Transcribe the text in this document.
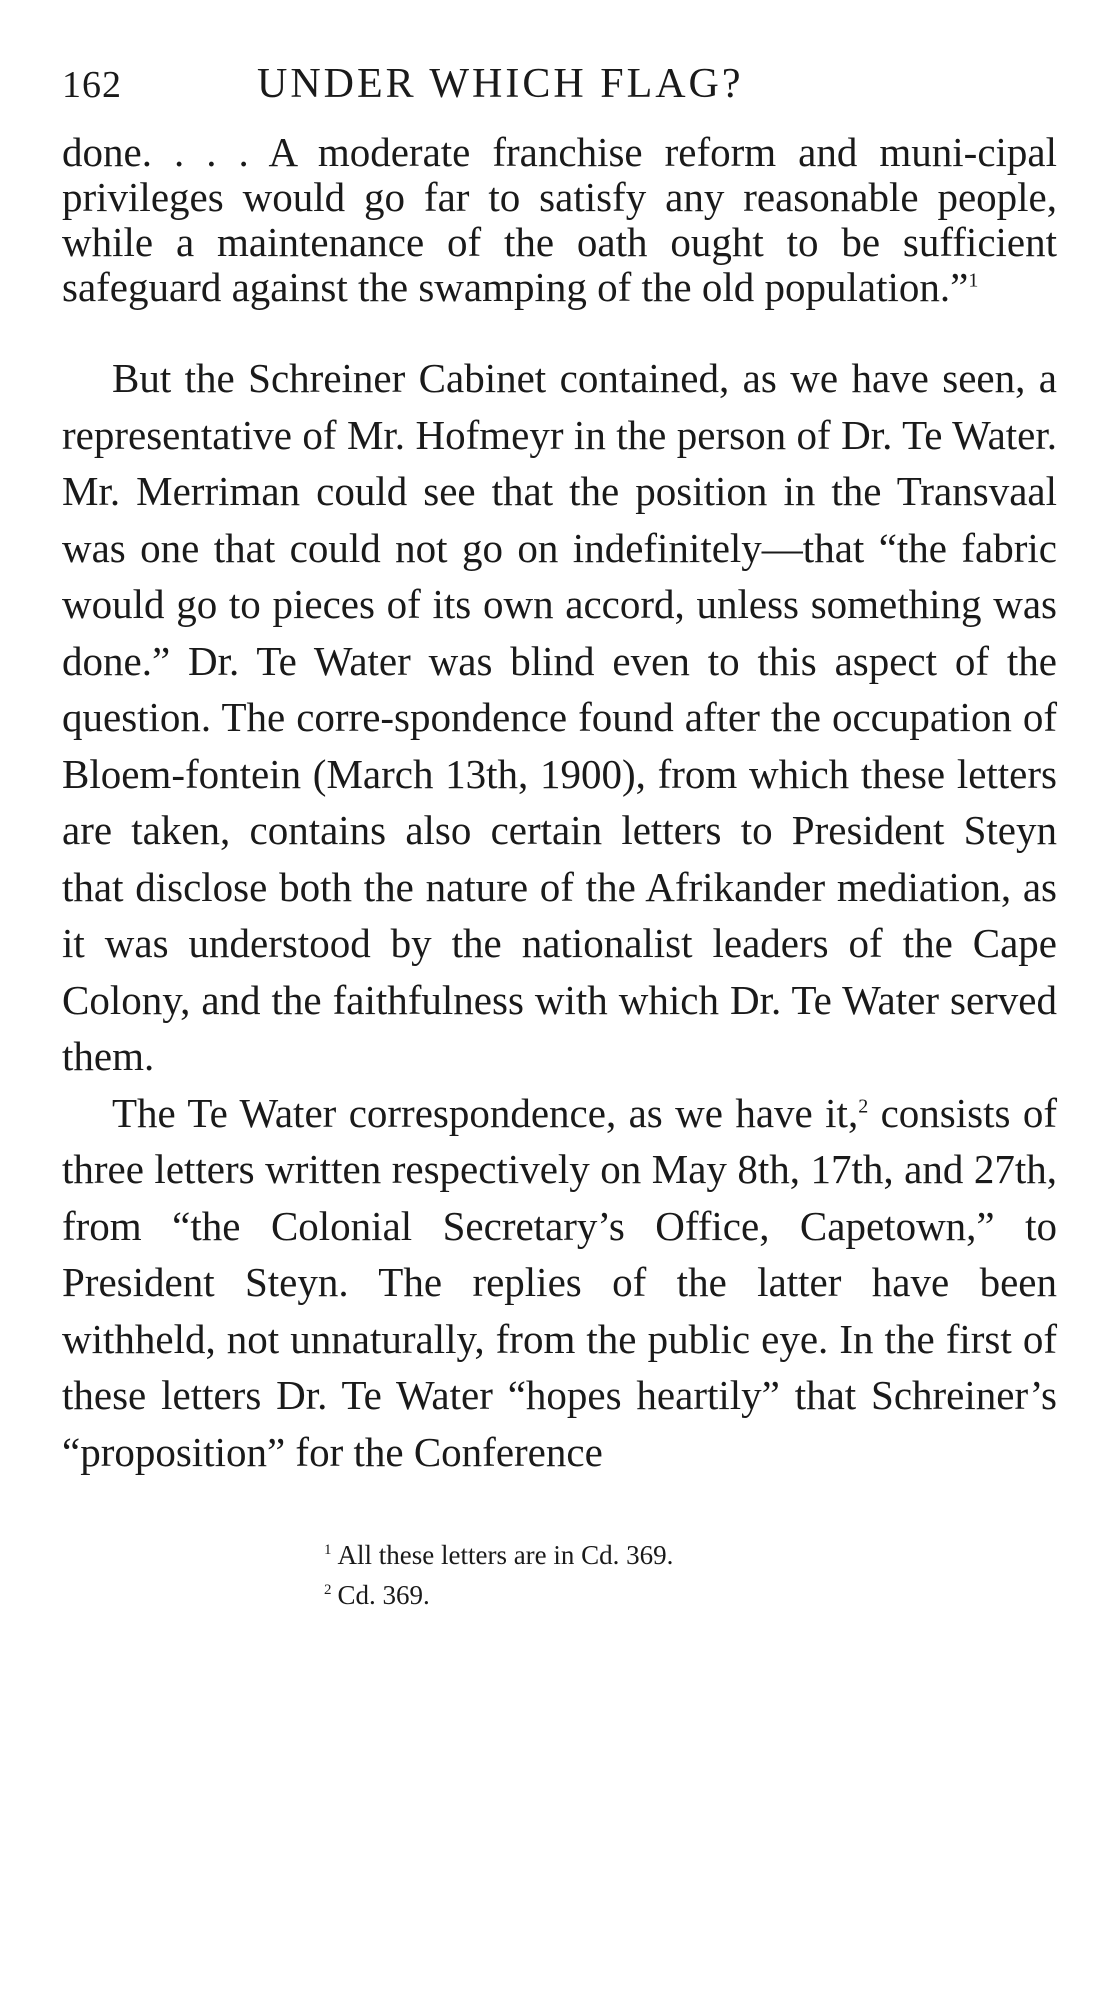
162	UNDER WHICH FLAG?

done. . . . A moderate franchise reform and muni-cipal privileges would go far to satisfy any reasonable people, while a maintenance of the oath ought to be sufficient safeguard against the swamping of the old population.”$^1$

But the Schreiner Cabinet contained, as we have seen, a representative of Mr. Hofmeyr in the person of Dr. Te Water. Mr. Merriman could see that the position in the Transvaal was one that could not go on indefinitely—that “the fabric would go to pieces of its own accord, unless something was done.” Dr. Te Water was blind even to this aspect of the question. The corre-spondence found after the occupation of Bloem-fontein (March 13th, 1900), from which these letters are taken, contains also certain letters to President Steyn that disclose both the nature of the Afrikander mediation, as it was understood by the nationalist leaders of the Cape Colony, and the faithfulness with which Dr. Te Water served them.

The Te Water correspondence, as we have it,$^2$ consists of three letters written respectively on May 8th, 17th, and 27th, from “the Colonial Secretary’s Office, Capetown,” to President Steyn. The replies of the latter have been withheld, not unnaturally, from the public eye. In the first of these letters Dr. Te Water “hopes heartily” that Schreiner’s “proposition” for the Conference

$^1$ All these letters are in Cd. 369.
$^2$ Cd. 369.
